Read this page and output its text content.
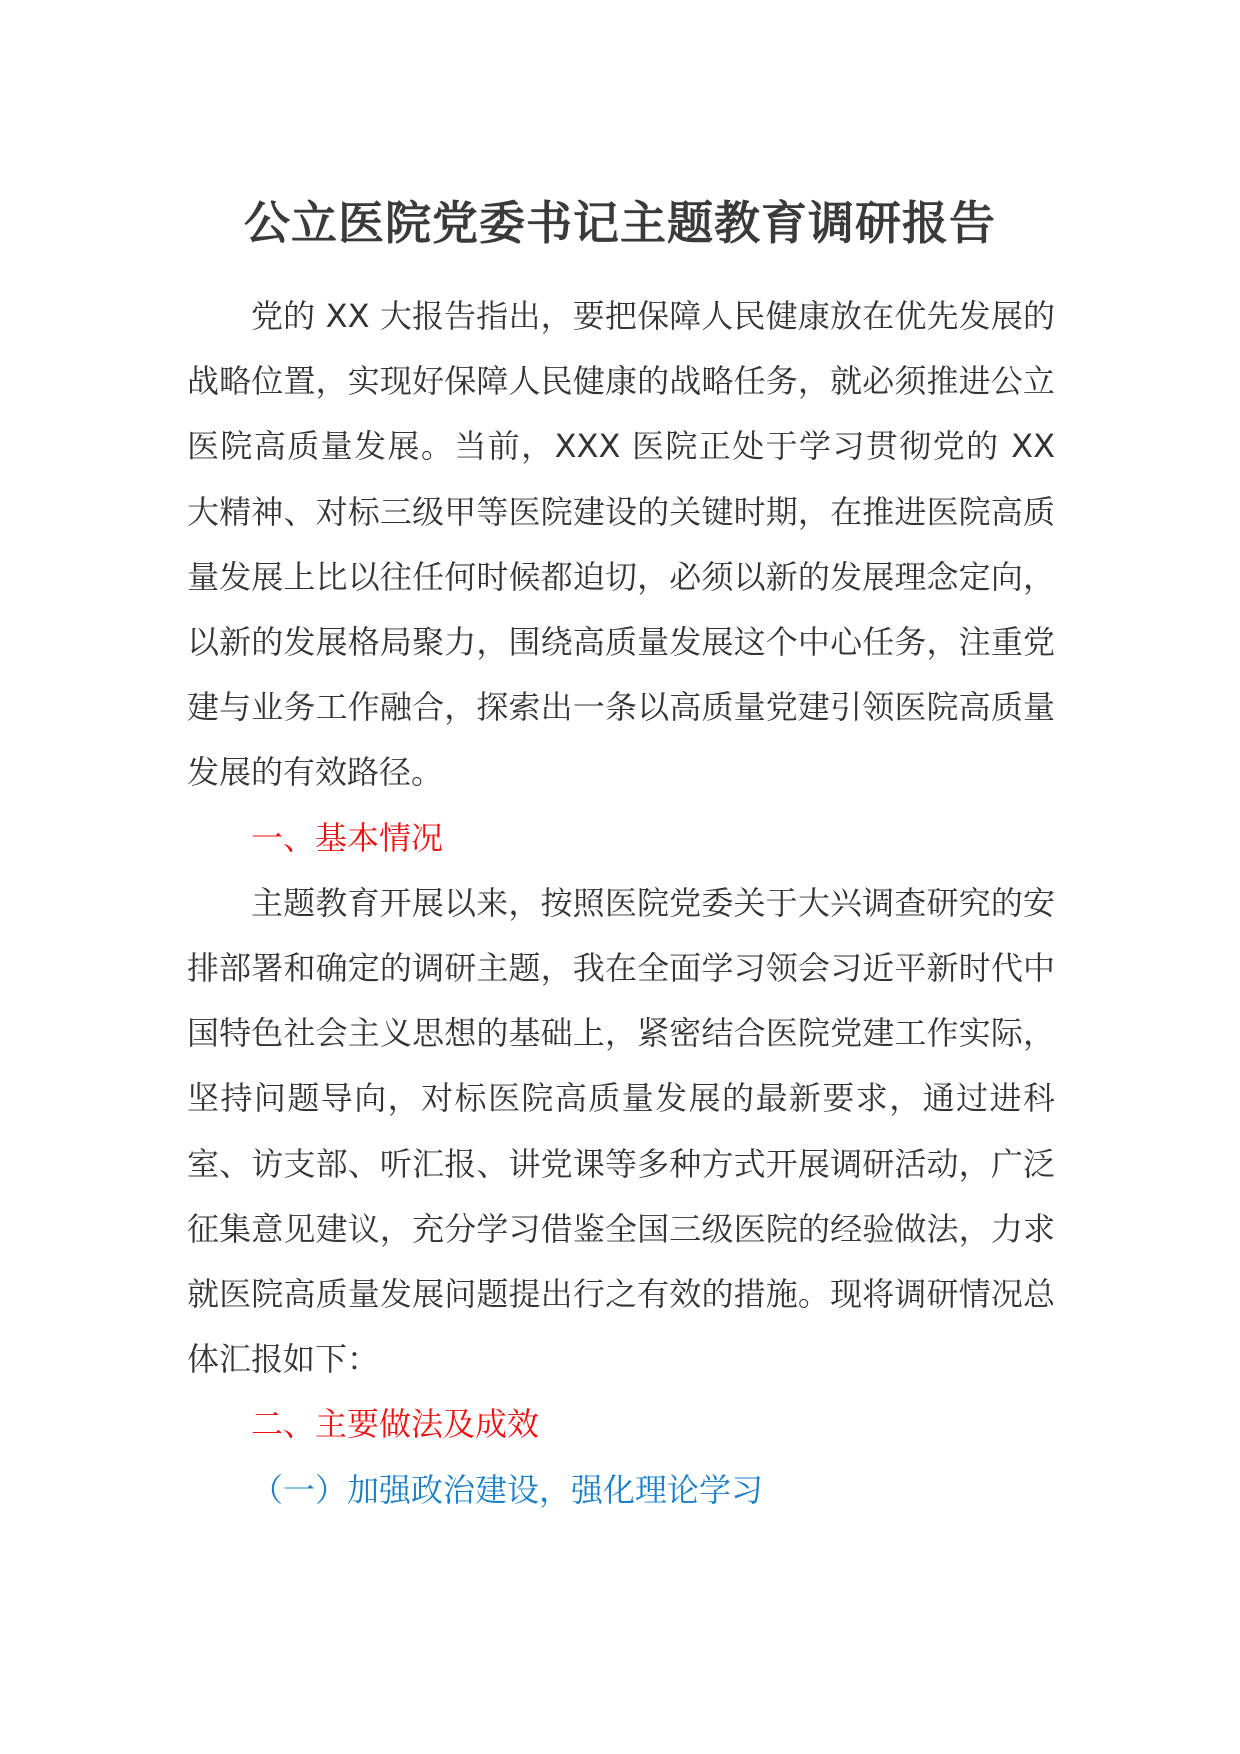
公立医院党委书记主题教育调研报告

党的 XX 大报告指出，要把保障人民健康放在优先发展的战略位置，实现好保障人民健康的战略任务，就必须推进公立医院高质量发展。当前，XXX 医院正处于学习贯彻党的 XX 大精神、对标三级甲等医院建设的关键时期，在推进医院高质量发展上比以往任何时候都迫切，必须以新的发展理念定向，以新的发展格局聚力，围绕高质量发展这个中心任务，注重党建与业务工作融合，探索出一条以高质量党建引领医院高质量发展的有效路径。

一、基本情况

主题教育开展以来，按照医院党委关于大兴调查研究的安排部署和确定的调研主题，我在全面学习领会习近平新时代中国特色社会主义思想的基础上，紧密结合医院党建工作实际，坚持问题导向，对标医院高质量发展的最新要求，通过进科室、访支部、听汇报、讲党课等多种方式开展调研活动，广泛征集意见建议，充分学习借鉴全国三级医院的经验做法，力求就医院高质量发展问题提出行之有效的措施。现将调研情况总体汇报如下：

二、主要做法及成效

（一）加强政治建设，强化理论学习
